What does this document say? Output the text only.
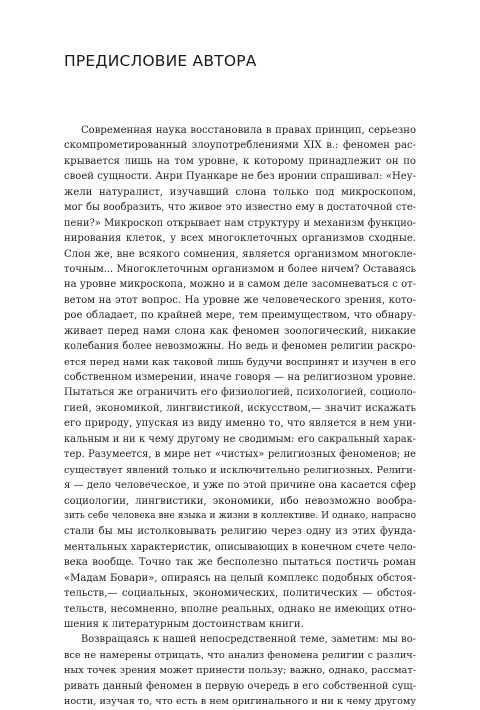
ПРЕДИСЛОВИЕ АВТОРА
Современная наука восстановила в правах принцип, серьезно
скомпрометированный злоупотреблениями XIX в.: феномен рас-
крывается лишь на том уровне, к которому принадлежит он по
своей сущности. Анри Пуанкаре не без иронии спрашивал: «Неу-
жели натуралист, изучавший слона только под микроскопом,
мог бы вообразить, что живое это известно ему в достаточной сте-
пени?» Микроскоп открывает нам структуру и механизм функцио-
нирования клеток, у всех многоклеточных организмов сходные.
Слон же, вне всякого сомнения, является организмом многокле-
точным... Многоклеточным организмом и более ничем? Оставаясь
на уровне микроскопа, можно и в самом деле засомневаться с от-
ветом на этот вопрос. На уровне же человеческого зрения, кото-
рое обладает, по крайней мере, тем преимуществом, что обнару-
живает перед нами слона как феномен зоологический, никакие
колебания более невозможны. Но ведь и феномен религии раскро-
ется перед нами как таковой лишь будучи воспринят и изучен в его
собственном измерении, иначе говоря — на религиозном уровне.
Пытаться же ограничить его физиологией, психологией, социоло-
гией, экономикой, лингвистикой, искусством,— значит искажать
его природу, упуская из виду именно то, что является в нем уни-
кальным и ни к чему другому не сводимым: его сакральный харак-
тер. Разумеется, в мире нет «чистых» религиозных феноменов; не
существует явлений только и исключительно религиозных. Религи-
я — дело человеческое, и уже по этой причине она касается сфер
социологии, лингвистики, экономики, ибо невозможно вообра-
зить себе человека вне языка и жизни в коллективе. И однако, напрасно
стали бы мы истолковывать религию через одну из этих фунда-
ментальных характеристик, описывающих в конечном счете чело-
века вообще. Точно так же бесполезно пытаться постичь роман
«Мадам Бовари», опираясь на целый комплекс подобных обстоя-
тельств,— социальных, экономических, политических — обстоя-
тельств, несомненно, вполне реальных, однако не имеющих отно-
шения к литературным достоинствам книги.
Возвращаясь к нашей непосредственной теме, заметим: мы во-
все не намерены отрицать, что анализ феномена религии с различ-
ных точек зрения может принести пользу; важно, однако, рассмат-
ривать данный феномен в первую очередь в его собственной сущ-
ности, изучая то, что есть в нем оригинального и ни к чему другому
